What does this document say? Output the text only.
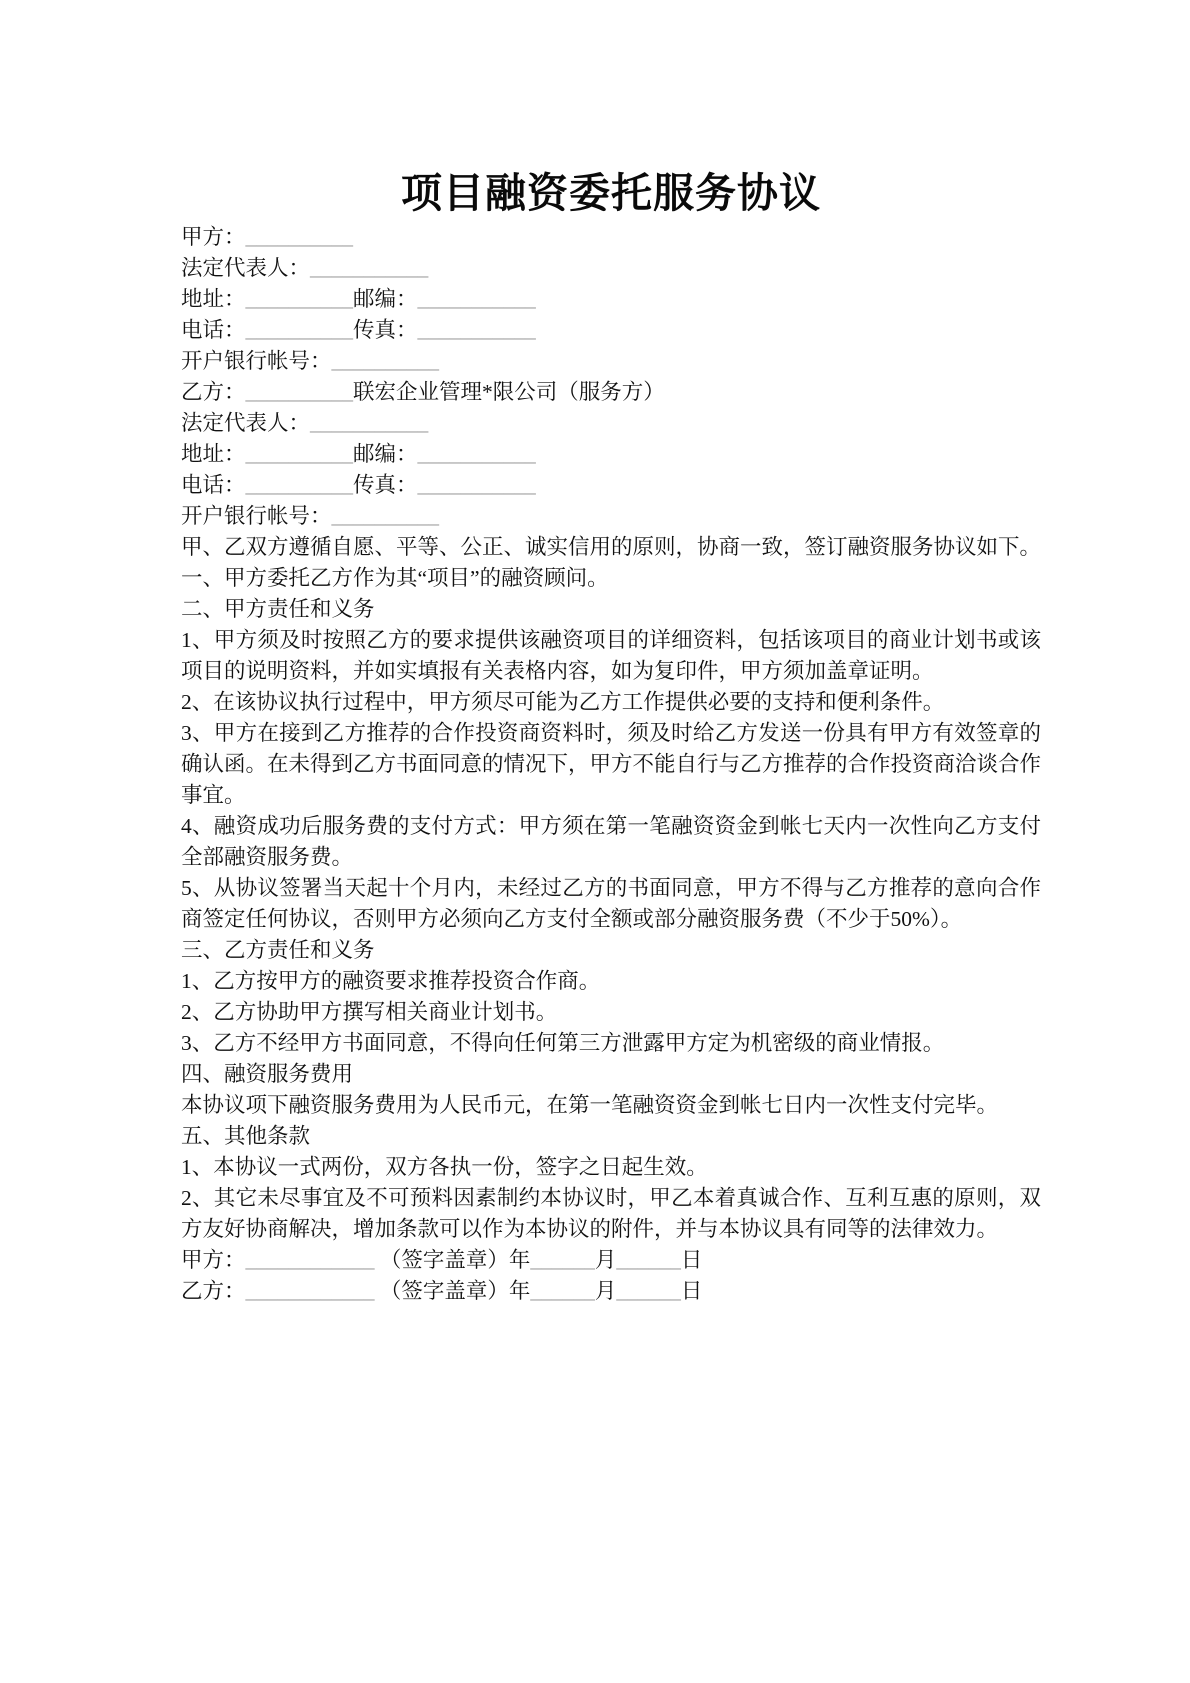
项目融资委托服务协议

甲方：__________

法定代表人：___________

地址：__________邮编：___________

电话：__________传真：___________

开户银行帐号：__________

乙方：__________联宏企业管理*限公司（服务方）

法定代表人：___________

地址：__________邮编：___________

电话：__________传真：___________

开户银行帐号：__________

甲、乙双方遵循自愿、平等、公正、诚实信用的原则，协商一致，签订融资服务协议如下。

一、甲方委托乙方作为其“项目”的融资顾问。

二、甲方责任和义务

1、甲方须及时按照乙方的要求提供该融资项目的详细资料，包括该项目的商业计划书或该项目的说明资料，并如实填报有关表格内容，如为复印件，甲方须加盖章证明。

2、在该协议执行过程中，甲方须尽可能为乙方工作提供必要的支持和便利条件。

3、甲方在接到乙方推荐的合作投资商资料时，须及时给乙方发送一份具有甲方有效签章的确认函。在未得到乙方书面同意的情况下，甲方不能自行与乙方推荐的合作投资商洽谈合作事宜。

4、融资成功后服务费的支付方式：甲方须在第一笔融资资金到帐七天内一次性向乙方支付全部融资服务费。

5、从协议签署当天起十个月内，未经过乙方的书面同意，甲方不得与乙方推荐的意向合作商签定任何协议，否则甲方必须向乙方支付全额或部分融资服务费（不少于50%）。

三、乙方责任和义务

1、乙方按甲方的融资要求推荐投资合作商。

2、乙方协助甲方撰写相关商业计划书。

3、乙方不经甲方书面同意，不得向任何第三方泄露甲方定为机密级的商业情报。

四、融资服务费用

本协议项下融资服务费用为人民币元，在第一笔融资资金到帐七日内一次性支付完毕。

五、其他条款

1、本协议一式两份，双方各执一份，签字之日起生效。

2、其它未尽事宜及不可预料因素制约本协议时，甲乙本着真诚合作、互利互惠的原则，双方友好协商解决，增加条款可以作为本协议的附件，并与本协议具有同等的法律效力。

甲方：____________ （签字盖章）年______月______日

乙方：____________ （签字盖章）年______月______日
